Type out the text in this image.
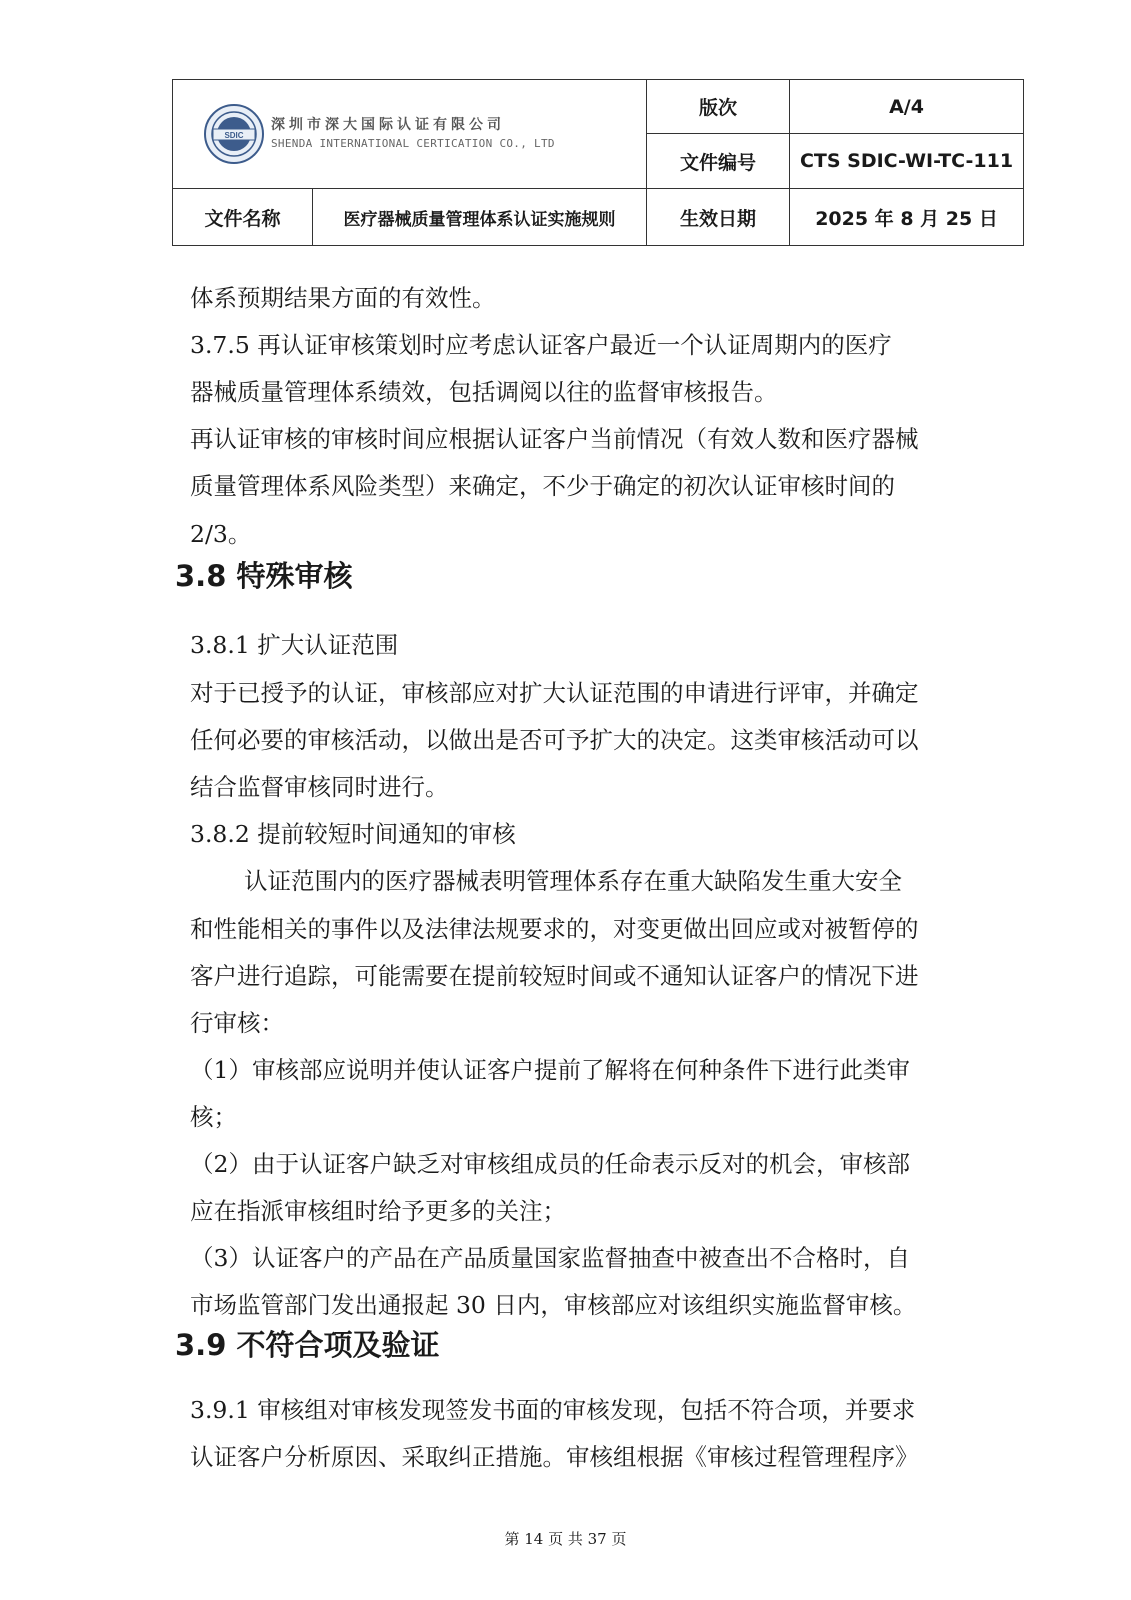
SDIC
深圳市深大国际认证有限公司
SHENDA INTERNATIONAL CERTICATION CO., LTD		版次	A/4
		文件编号	CTS SDIC-WI-TC-111
文件名称	医疗器械质量管理体系认证实施规则	生效日期	2025 年 8 月 25 日
体系预期结果方面的有效性。
3.7.5 再认证审核策划时应考虑认证客户最近一个认证周期内的医疗
器械质量管理体系绩效，包括调阅以往的监督审核报告。
再认证审核的审核时间应根据认证客户当前情况（有效人数和医疗器械
质量管理体系风险类型）来确定，不少于确定的初次认证审核时间的
2/3。
3.8 特殊审核
3.8.1 扩大认证范围
对于已授予的认证，审核部应对扩大认证范围的申请进行评审，并确定
任何必要的审核活动，以做出是否可予扩大的决定。这类审核活动可以
结合监督审核同时进行。
3.8.2 提前较短时间通知的审核
认证范围内的医疗器械表明管理体系存在重大缺陷发生重大安全
和性能相关的事件以及法律法规要求的，对变更做出回应或对被暂停的
客户进行追踪，可能需要在提前较短时间或不通知认证客户的情况下进
行审核：
（1）审核部应说明并使认证客户提前了解将在何种条件下进行此类审
核；
（2）由于认证客户缺乏对审核组成员的任命表示反对的机会，审核部
应在指派审核组时给予更多的关注；
（3）认证客户的产品在产品质量国家监督抽查中被查出不合格时，自
市场监管部门发出通报起 30 日内，审核部应对该组织实施监督审核。
3.9 不符合项及验证
3.9.1 审核组对审核发现签发书面的审核发现，包括不符合项，并要求
认证客户分析原因、采取纠正措施。审核组根据《审核过程管理程序》
第 14 页 共 37 页
